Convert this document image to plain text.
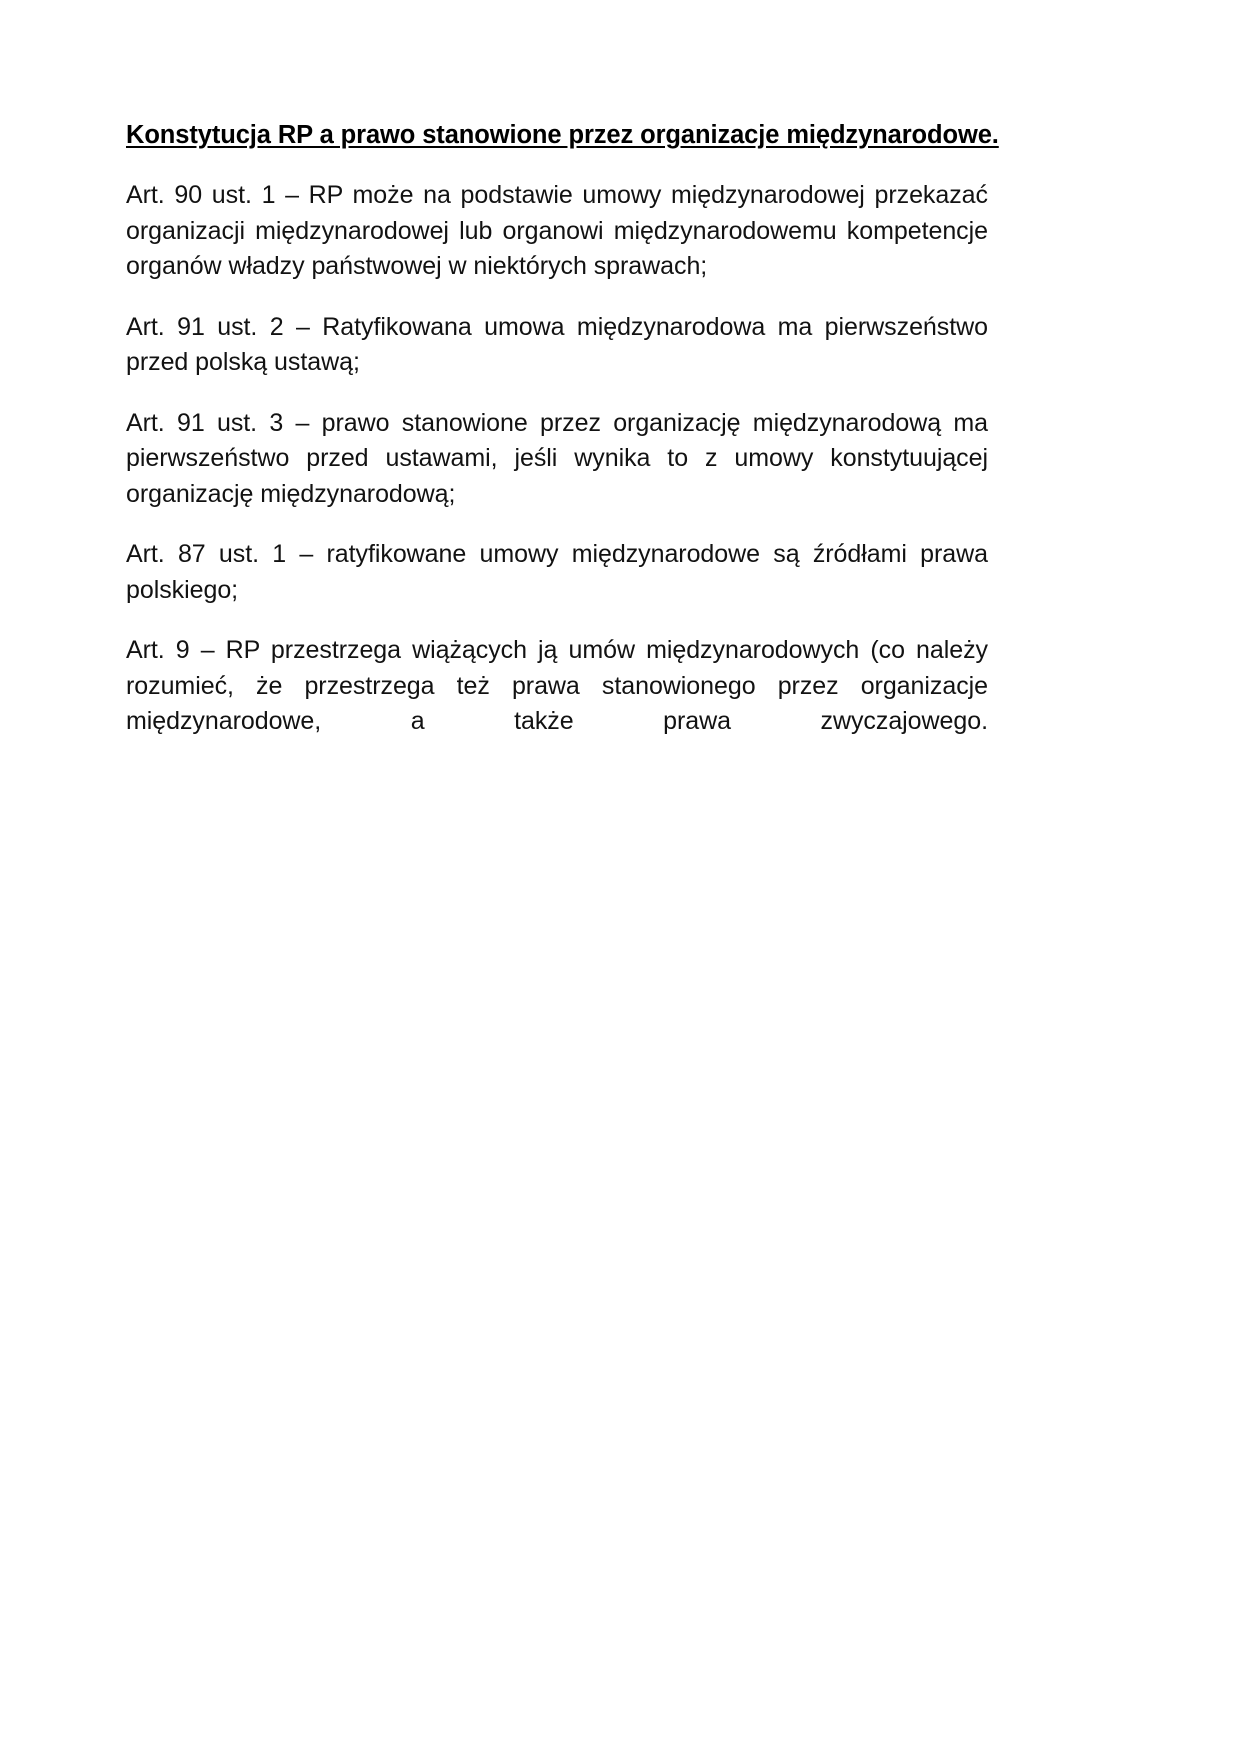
Konstytucja RP a prawo stanowione przez organizacje międzynarodowe.

Art. 90 ust. 1 – RP może na podstawie umowy międzynarodowej przekazać organizacji międzynarodowej lub organowi międzynarodowemu kompetencje organów władzy państwowej w niektórych sprawach;

Art. 91 ust. 2 – Ratyfikowana umowa międzynarodowa ma pierwszeństwo przed polską ustawą;

Art. 91 ust. 3 – prawo stanowione przez organizację międzynarodową ma pierwszeństwo przed ustawami, jeśli wynika to z umowy konstytuującej organizację międzynarodową;

Art. 87 ust. 1 – ratyfikowane umowy międzynarodowe są źródłami prawa polskiego;

Art. 9 – RP przestrzega wiążących ją umów międzynarodowych (co należy rozumieć, że przestrzega też prawa stanowionego przez organizacje międzynarodowe, a także prawa zwyczajowego.
